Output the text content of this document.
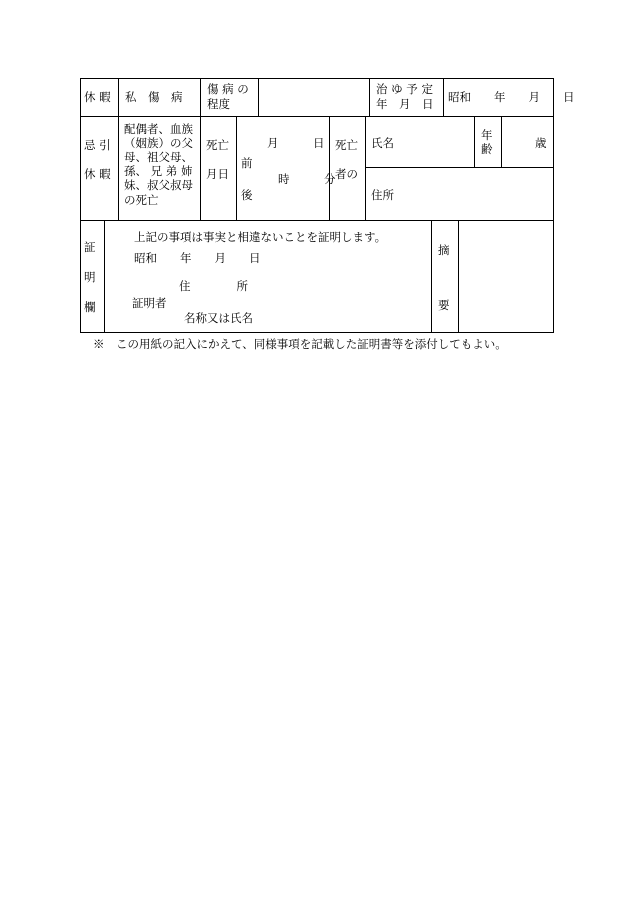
休 暇 私　傷　病
傷 病 の
程度
治 ゆ 予 定
年　月　日 昭和　　年　　月　　日
忌 引
休 暇
配偶者、血族
（姻族）の父
母、祖父母、
孫、 兄 弟 姉
妹、叔父叔母
の死亡
死亡
月日
月　　　日
前
時　　　分
後
死亡
者の
氏名
年
齢	歳
住所
証
明
欄
上記の事項は事実と相違ないことを証明します。
昭和　　年　　月　　日
住　　　　所
証明者
名称又は氏名
摘
要
※　この用紙の記入にかえて、同様事項を記載した証明書等を添付してもよい。
